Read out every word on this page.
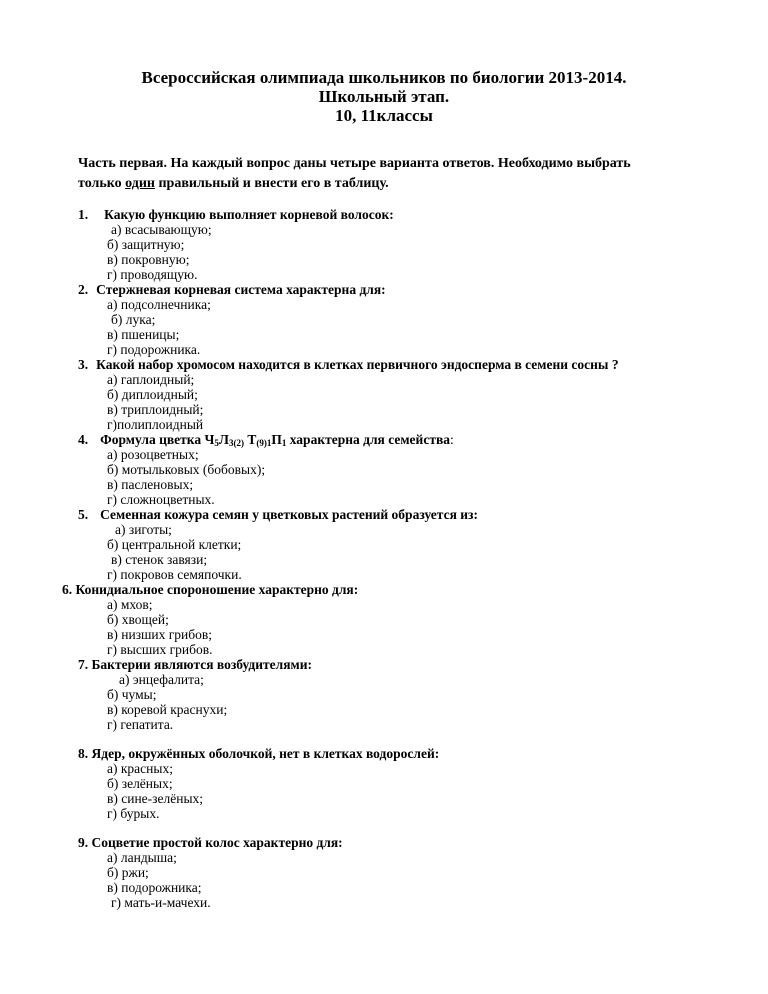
Всероссийская олимпиада школьников по биологии 2013-2014.
Школьный этап.
10, 11классы
Часть первая. На каждый вопрос даны четыре варианта ответов. Необходимо выбрать
только один правильный и внести его в таблицу.
1. Какую функцию выполняет корневой волосок:
а) всасывающую;
б) защитную;
в) покровную;
г) проводящую.
2. Стержневая корневая система характерна для:
а) подсолнечника;
б) лука;
в) пшеницы;
г) подорожника.
3. Какой набор хромосом находится в клетках первичного эндосперма в семени сосны ?
а) гаплоидный;
б) диплоидный;
в) триплоидный;
г)полиплоидный
4. Формула цветка $Ч_5Л_{3(2)}$ $Т_{(9)1}П_1$ характерна для семейства:
а) розоцветных;
б) мотыльковых (бобовых);
в) пасленовых;
г) сложноцветных.
5. Семенная кожура семян у цветковых растений образуется из:
а) зиготы;
б) центральной клетки;
в) стенок завязи;
г) покровов семяпочки.
6. Конидиальное спороношение характерно для:
а) мхов;
б) хвощей;
в) низших грибов;
г) высших грибов.
7. Бактерии являются возбудителями:
а) энцефалита;
б) чумы;
в) коревой краснухи;
г) гепатита.
8. Ядер, окружённых оболочкой, нет в клетках водорослей:
а) красных;
б) зелёных;
в) сине-зелёных;
г) бурых.
9. Соцветие простой колос характерно для:
а) ландыша;
б) ржи;
в) подорожника;
г) мать-и-мачехи.
